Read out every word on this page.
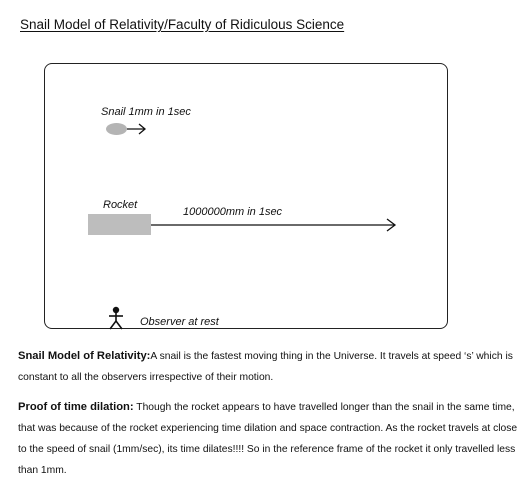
Snail Model of Relativity/Faculty of Ridiculous Science
Snail 1mm in 1sec
Rocket
1000000mm in 1sec
Observer at rest
Snail Model of Relativity:A snail is the fastest moving thing in the Universe. It travels at speed ‘s’ which is constant to all the observers irrespective of their motion.
Proof of time dilation: Though the rocket appears to have travelled longer than the snail in the same time, that was because of the rocket experiencing time dilation and space contraction. As the rocket travels at close to the speed of snail (1mm/sec), its time dilates!!!! So in the reference frame of the rocket it only travelled less than 1mm.
